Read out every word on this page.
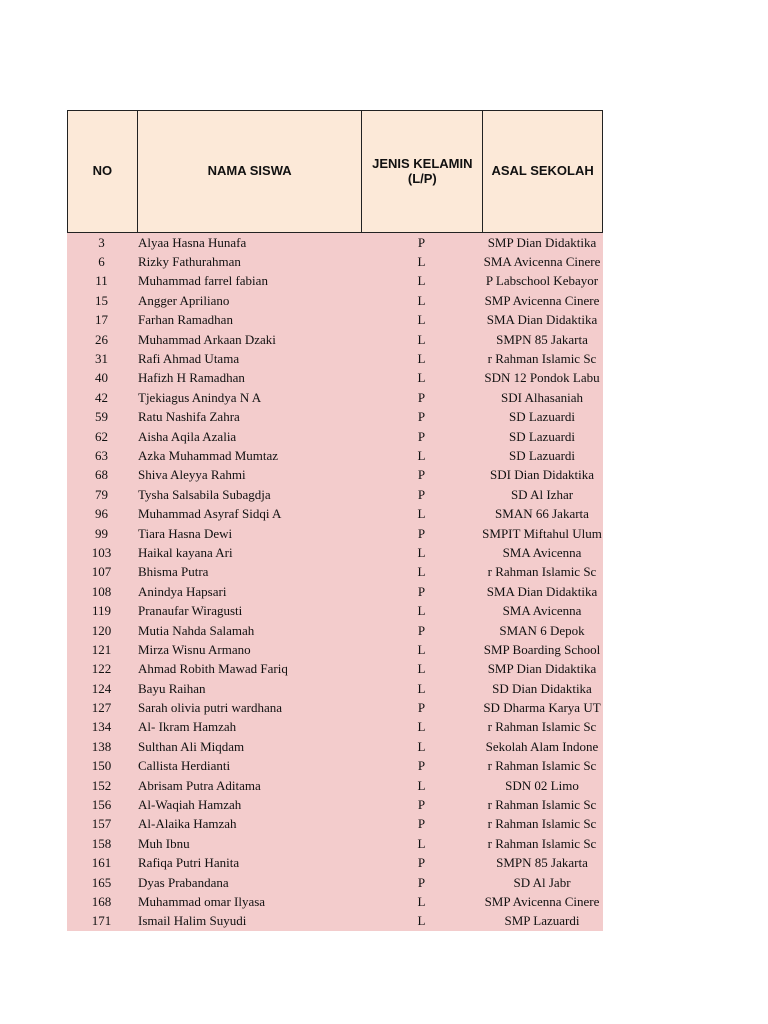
NO	NAMA SISWA	JENIS KELAMIN (L/P)	ASAL SEKOLAH
3	Alyaa Hasna Hunafa	P	SMP Dian Didaktika
6	Rizky Fathurahman	L	SMA Avicenna Cinere
11	Muhammad farrel fabian	L	P Labschool Kebayor
15	Angger Apriliano	L	SMP Avicenna Cinere
17	Farhan Ramadhan	L	SMA Dian Didaktika
26	Muhammad Arkaan Dzaki	L	SMPN 85 Jakarta
31	Rafi Ahmad Utama	L	r Rahman Islamic Sc
40	Hafizh H Ramadhan	L	SDN 12 Pondok Labu
42	Tjekiagus Anindya N A	P	SDI Alhasaniah
59	Ratu Nashifa Zahra	P	SD Lazuardi
62	Aisha Aqila Azalia	P	SD Lazuardi
63	Azka Muhammad Mumtaz	L	SD Lazuardi
68	Shiva Aleyya Rahmi	P	SDI Dian Didaktika
79	Tysha Salsabila Subagdja	P	SD Al Izhar
96	Muhammad Asyraf Sidqi A	L	SMAN 66 Jakarta
99	Tiara Hasna Dewi	P	SMPIT Miftahul Ulum
103	Haikal kayana Ari	L	SMA Avicenna
107	Bhisma Putra	L	r Rahman Islamic Sc
108	Anindya Hapsari	P	SMA Dian Didaktika
119	Pranaufar Wiragusti	L	SMA Avicenna
120	Mutia Nahda Salamah	P	SMAN 6 Depok
121	Mirza Wisnu Armano	L	SMP Boarding School
122	Ahmad Robith Mawad Fariq	L	SMP Dian Didaktika
124	Bayu Raihan	L	SD Dian Didaktika
127	Sarah olivia putri wardhana	P	SD Dharma Karya UT
134	Al- Ikram Hamzah	L	r Rahman Islamic Sc
138	Sulthan Ali Miqdam	L	Sekolah Alam Indone
150	Callista Herdianti	P	r Rahman Islamic Sc
152	Abrisam Putra Aditama	L	SDN 02 Limo
156	Al-Waqiah Hamzah	P	r Rahman Islamic Sc
157	Al-Alaika Hamzah	P	r Rahman Islamic Sc
158	Muh Ibnu	L	r Rahman Islamic Sc
161	Rafiqa Putri Hanita	P	SMPN 85 Jakarta
165	Dyas Prabandana	P	SD Al Jabr
168	Muhammad omar Ilyasa	L	SMP Avicenna Cinere
171	Ismail Halim Suyudi	L	SMP Lazuardi
